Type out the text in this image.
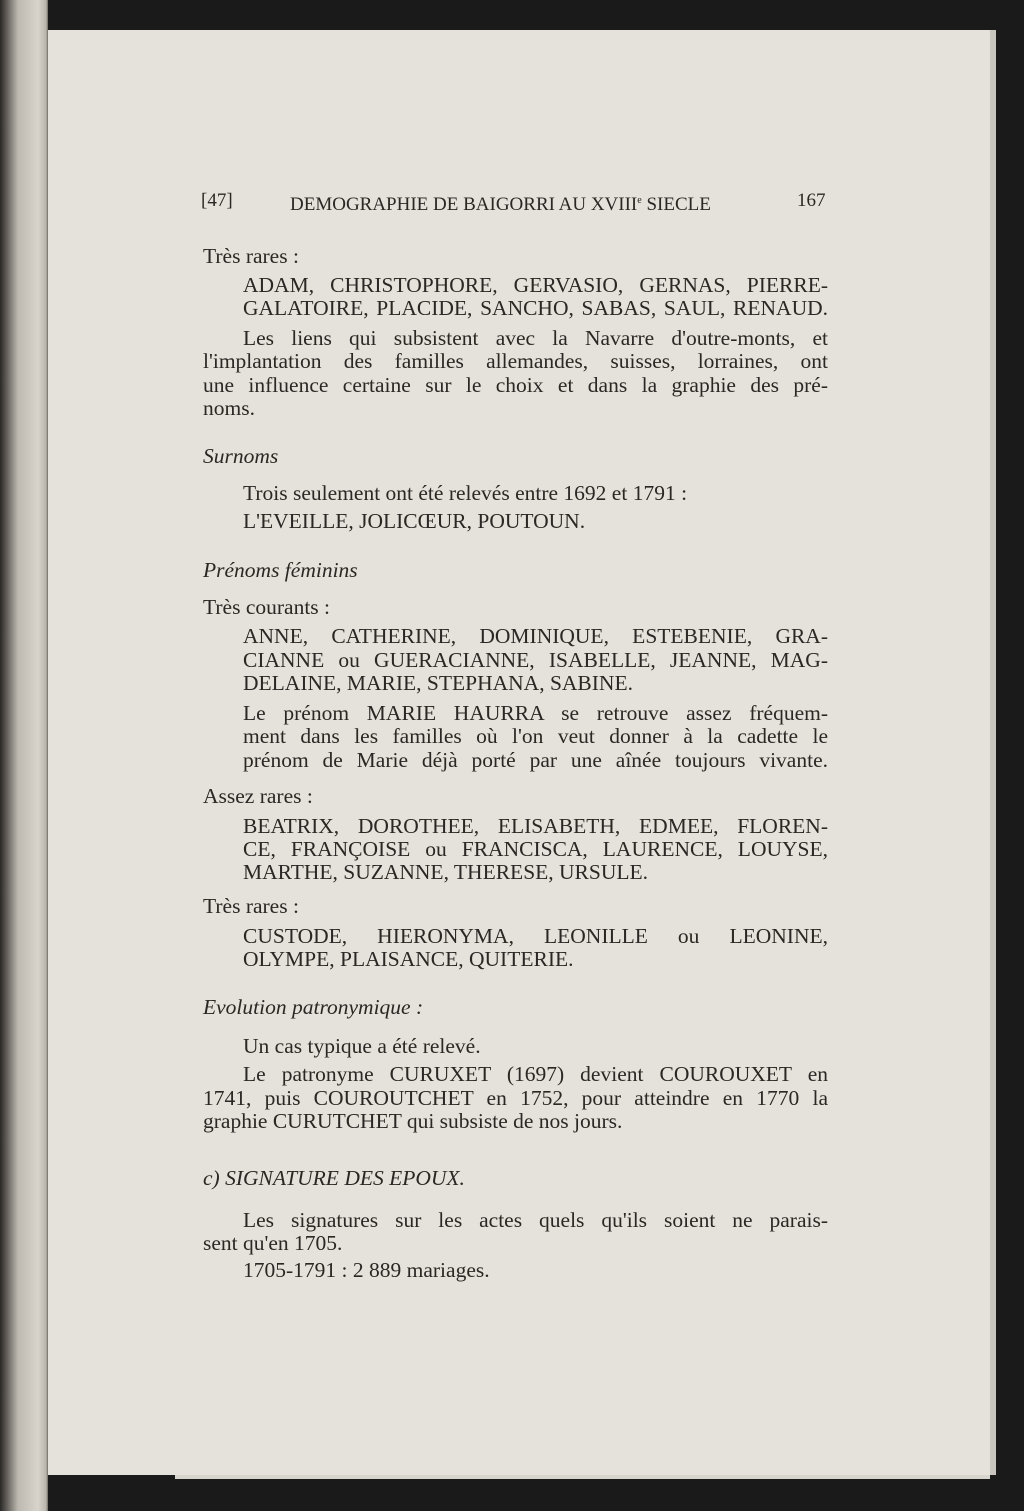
[47]	DEMOGRAPHIE DE BAIGORRI AU XVIIIe SIECLE	167
Très rares :
ADAM, CHRISTOPHORE, GERVASIO, GERNAS, PIERRE-
GALATOIRE, PLACIDE, SANCHO, SABAS, SAUL, RENAUD.
Les liens qui subsistent avec la Navarre d'outre-monts, et
l'implantation des familles allemandes, suisses, lorraines, ont
une influence certaine sur le choix et dans la graphie des pré-
noms.
Surnoms
Trois seulement ont été relevés entre 1692 et 1791 :
L'EVEILLE, JOLICŒUR, POUTOUN.
Prénoms féminins
Très courants :
ANNE, CATHERINE, DOMINIQUE, ESTEBENIE, GRA-
CIANNE ou GUERACIANNE, ISABELLE, JEANNE, MAG-
DELAINE, MARIE, STEPHANA, SABINE.
Le prénom MARIE HAURRA se retrouve assez fréquem-
ment dans les familles où l'on veut donner à la cadette le
prénom de Marie déjà porté par une aînée toujours vivante.
Assez rares :
BEATRIX, DOROTHEE, ELISABETH, EDMEE, FLOREN-
CE, FRANÇOISE ou FRANCISCA, LAURENCE, LOUYSE,
MARTHE, SUZANNE, THERESE, URSULE.
Très rares :
CUSTODE, HIERONYMA, LEONILLE ou LEONINE,
OLYMPE, PLAISANCE, QUITERIE.
Evolution patronymique :
Un cas typique a été relevé.
Le patronyme CURUXET (1697) devient COUROUXET en
1741, puis COUROUTCHET en 1752, pour atteindre en 1770 la
graphie CURUTCHET qui subsiste de nos jours.
c) SIGNATURE DES EPOUX.
Les signatures sur les actes quels qu'ils soient ne parais-
sent qu'en 1705.
1705-1791 : 2 889 mariages.
